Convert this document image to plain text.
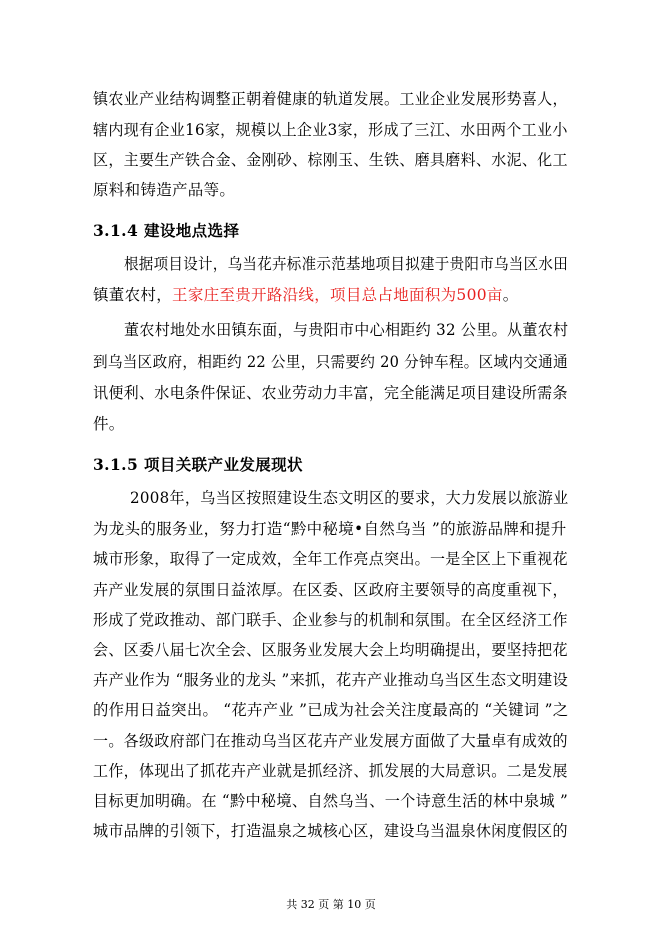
镇农业产业结构调整正朝着健康的轨道发展。工业企业发展形势喜人，
辖内现有企业16家，规模以上企业3家，形成了三江、水田两个工业小
区，主要生产铁合金、金刚砂、棕刚玉、生铁、磨具磨料、水泥、化工
原料和铸造产品等。
3.1.4 建设地点选择
根据项目设计，乌当花卉标准示范基地项目拟建于贵阳市乌当区水田
镇董农村，王家庄至贵开路沿线，项目总占地面积为500亩。
董农村地处水田镇东面，与贵阳市中心相距约 32 公里。从董农村
到乌当区政府，相距约 22 公里，只需要约 20 分钟车程。区域内交通通
讯便利、水电条件保证、农业劳动力丰富，完全能满足项目建设所需条
件。
3.1.5 项目关联产业发展现状
2008年，乌当区按照建设生态文明区的要求，大力发展以旅游业
为龙头的服务业，努力打造“黔中秘境•自然乌当 ”的旅游品牌和提升
城市形象，取得了一定成效，全年工作亮点突出。一是全区上下重视花
卉产业发展的氛围日益浓厚。在区委、区政府主要领导的高度重视下，
形成了党政推动、部门联手、企业参与的机制和氛围。在全区经济工作
会、区委八届七次全会、区服务业发展大会上均明确提出，要坚持把花
卉产业作为 “服务业的龙头 ”来抓，花卉产业推动乌当区生态文明建设
的作用日益突出。 “花卉产业 ”已成为社会关注度最高的 “关键词 ”之
一。各级政府部门在推动乌当区花卉产业发展方面做了大量卓有成效的
工作，体现出了抓花卉产业就是抓经济、抓发展的大局意识。二是发展
目标更加明确。在 “黔中秘境、自然乌当、一个诗意生活的林中泉城 ”
城市品牌的引领下，打造温泉之城核心区，建设乌当温泉休闲度假区的
共 32 页 第 10 页
